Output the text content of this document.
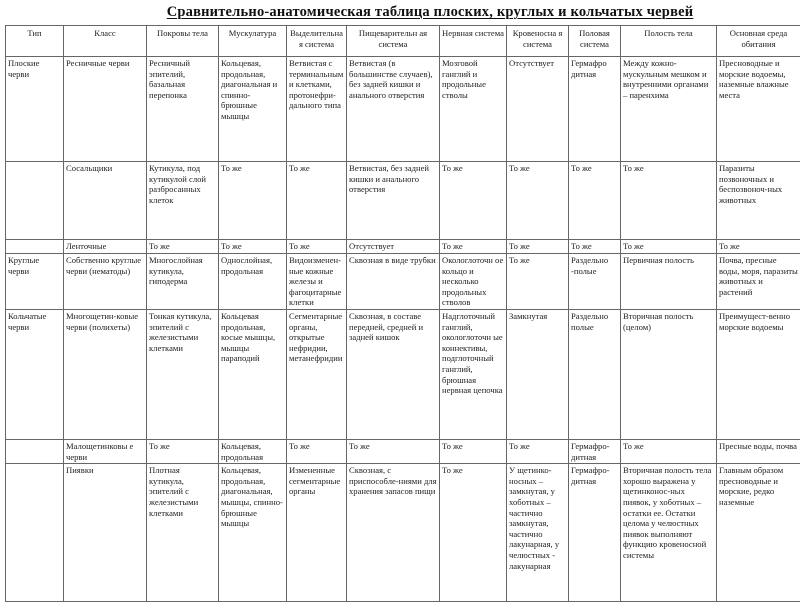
Сравнительно-анатомическая таблица плоских, круглых и кольчатых червей
Тип	Класс	Покровы тела	Мускулатура	Выделительна я система	Пищеварительн ая система	Нервная система	Кровеносна я система	Половая система	Полость тела	Основная среда обитания
Плоские черви	Ресничные черви	Ресничный эпителий, базальная перепонка	Кольцевая, продольная, диагональная и спинно-брюшные мышцы	Ветвистая с терминальным и клетками, протонефри-дального типа	Ветвистая (в большинстве случаев), без задней кишки и анального отверстия	Мозговой ганглий и продольные стволы	Отсутствует	Гермафро дитная	Между кожно-мускульным мешком и внутренними органами – паренхима	Пресноводные и морские водоемы, наземные влажные места
	Сосальщики	Кутикула, под кутикулой слой разбросанных клеток	То же	То же	Ветвистая, без задней кишки и анального отверстия	То же	То же	То же	То же	Паразиты позвоночных и беспозвоноч-ных животных
	Ленточные	То же	То же	То же	Отсутствует	То же	То же	То же	То же	То же
Круглые черви	Собственно круглые черви (нематоды)	Многослойная кутикула, гиподерма	Однослойная, продольная	Видоизменен-ные кожные железы и фагоцитарные клетки	Сквозная в виде трубки	Окологлоточн ое кольцо и несколько продольных стволов	То же	Раздельно -полые	Первичная полость	Почва, пресные воды, моря, паразиты животных и растений
Кольчатые черви	Многощетин-ковые черви (полихеты)	Тонкая кутикула, эпителий с железистыми клетками	Кольцевая продольная, косые мышцы, мышцы параподий	Сегментарные органы, открытые нефридии, метанефридии	Сквозная, в составе передней, средней и задней кишок	Надглоточный ганглий, окологлоточн ые коннективы, подглоточный ганглий, брюшная нервная цепочка	Замкнутая	Раздельно полые	Вторичная полость (целом)	Преимущест-венно морские водоемы
	Малощетинковы е черви	То же	Кольцевая, продольная	То же	То же	То же	То же	Гермафро-дитная	То же	Пресные воды, почва
	Пиявки	Плотная кутикула, эпителий с железистыми клетками	Кольцевая, продольная, диагональная, мышцы, спинно-брюшные мышцы	Измененные сегментарные органы	Сквозная, с приспособле-ниями для хранения запасов пищи	То же	У щетинко-носных – замкнутая, у хоботных – частично замкнутая, частично лакунарная, у челюстных - лакунарная	Гермафро-дитная	Вторичная полость тела хорошо выражена у щетинконос-ных пиявок, у хоботных – остатки ее. Остатки целома у челюстных пиявок выполняют функцию кровеносной системы	Главным образом пресноводные и морские, редко наземные
